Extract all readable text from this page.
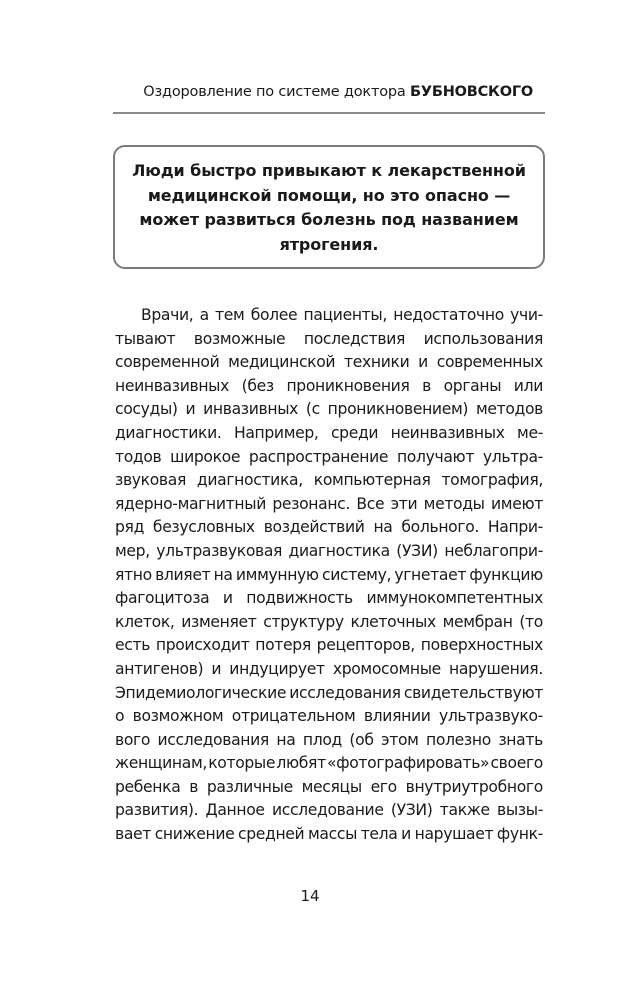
Оздоровление по системе доктора БУБНОВСКОГО
Люди быстро привыкают к лекарственной
медицинской помощи, но это опасно —
может развиться болезнь под названием
ятрогения.
Врачи, а тем более пациенты, недостаточно учи-
тывают возможные последствия использования
современной медицинской техники и современных
неинвазивных (без проникновения в органы или
сосуды) и инвазивных (с проникновением) методов
диагностики. Например, среди неинвазивных ме-
тодов широкое распространение получают ультра-
звуковая диагностика, компьютерная томография,
ядерно-магнитный резонанс. Все эти методы имеют
ряд безусловных воздействий на больного. Напри-
мер, ультразвуковая диагностика (УЗИ) неблагопри-
ятно влияет на иммунную систему, угнетает функцию
фагоцитоза и подвижность иммунокомпетентных
клеток, изменяет структуру клеточных мембран (то
есть происходит потеря рецепторов, поверхностных
антигенов) и индуцирует хромосомные нарушения.
Эпидемиологические исследования свидетельствуют
о возможном отрицательном влиянии ультразвуко-
вого исследования на плод (об этом полезно знать
женщинам, которые любят «фотографировать» своего
ребенка в различные месяцы его внутриутробного
развития). Данное исследование (УЗИ) также вызы-
вает снижение средней массы тела и нарушает функ-
14
